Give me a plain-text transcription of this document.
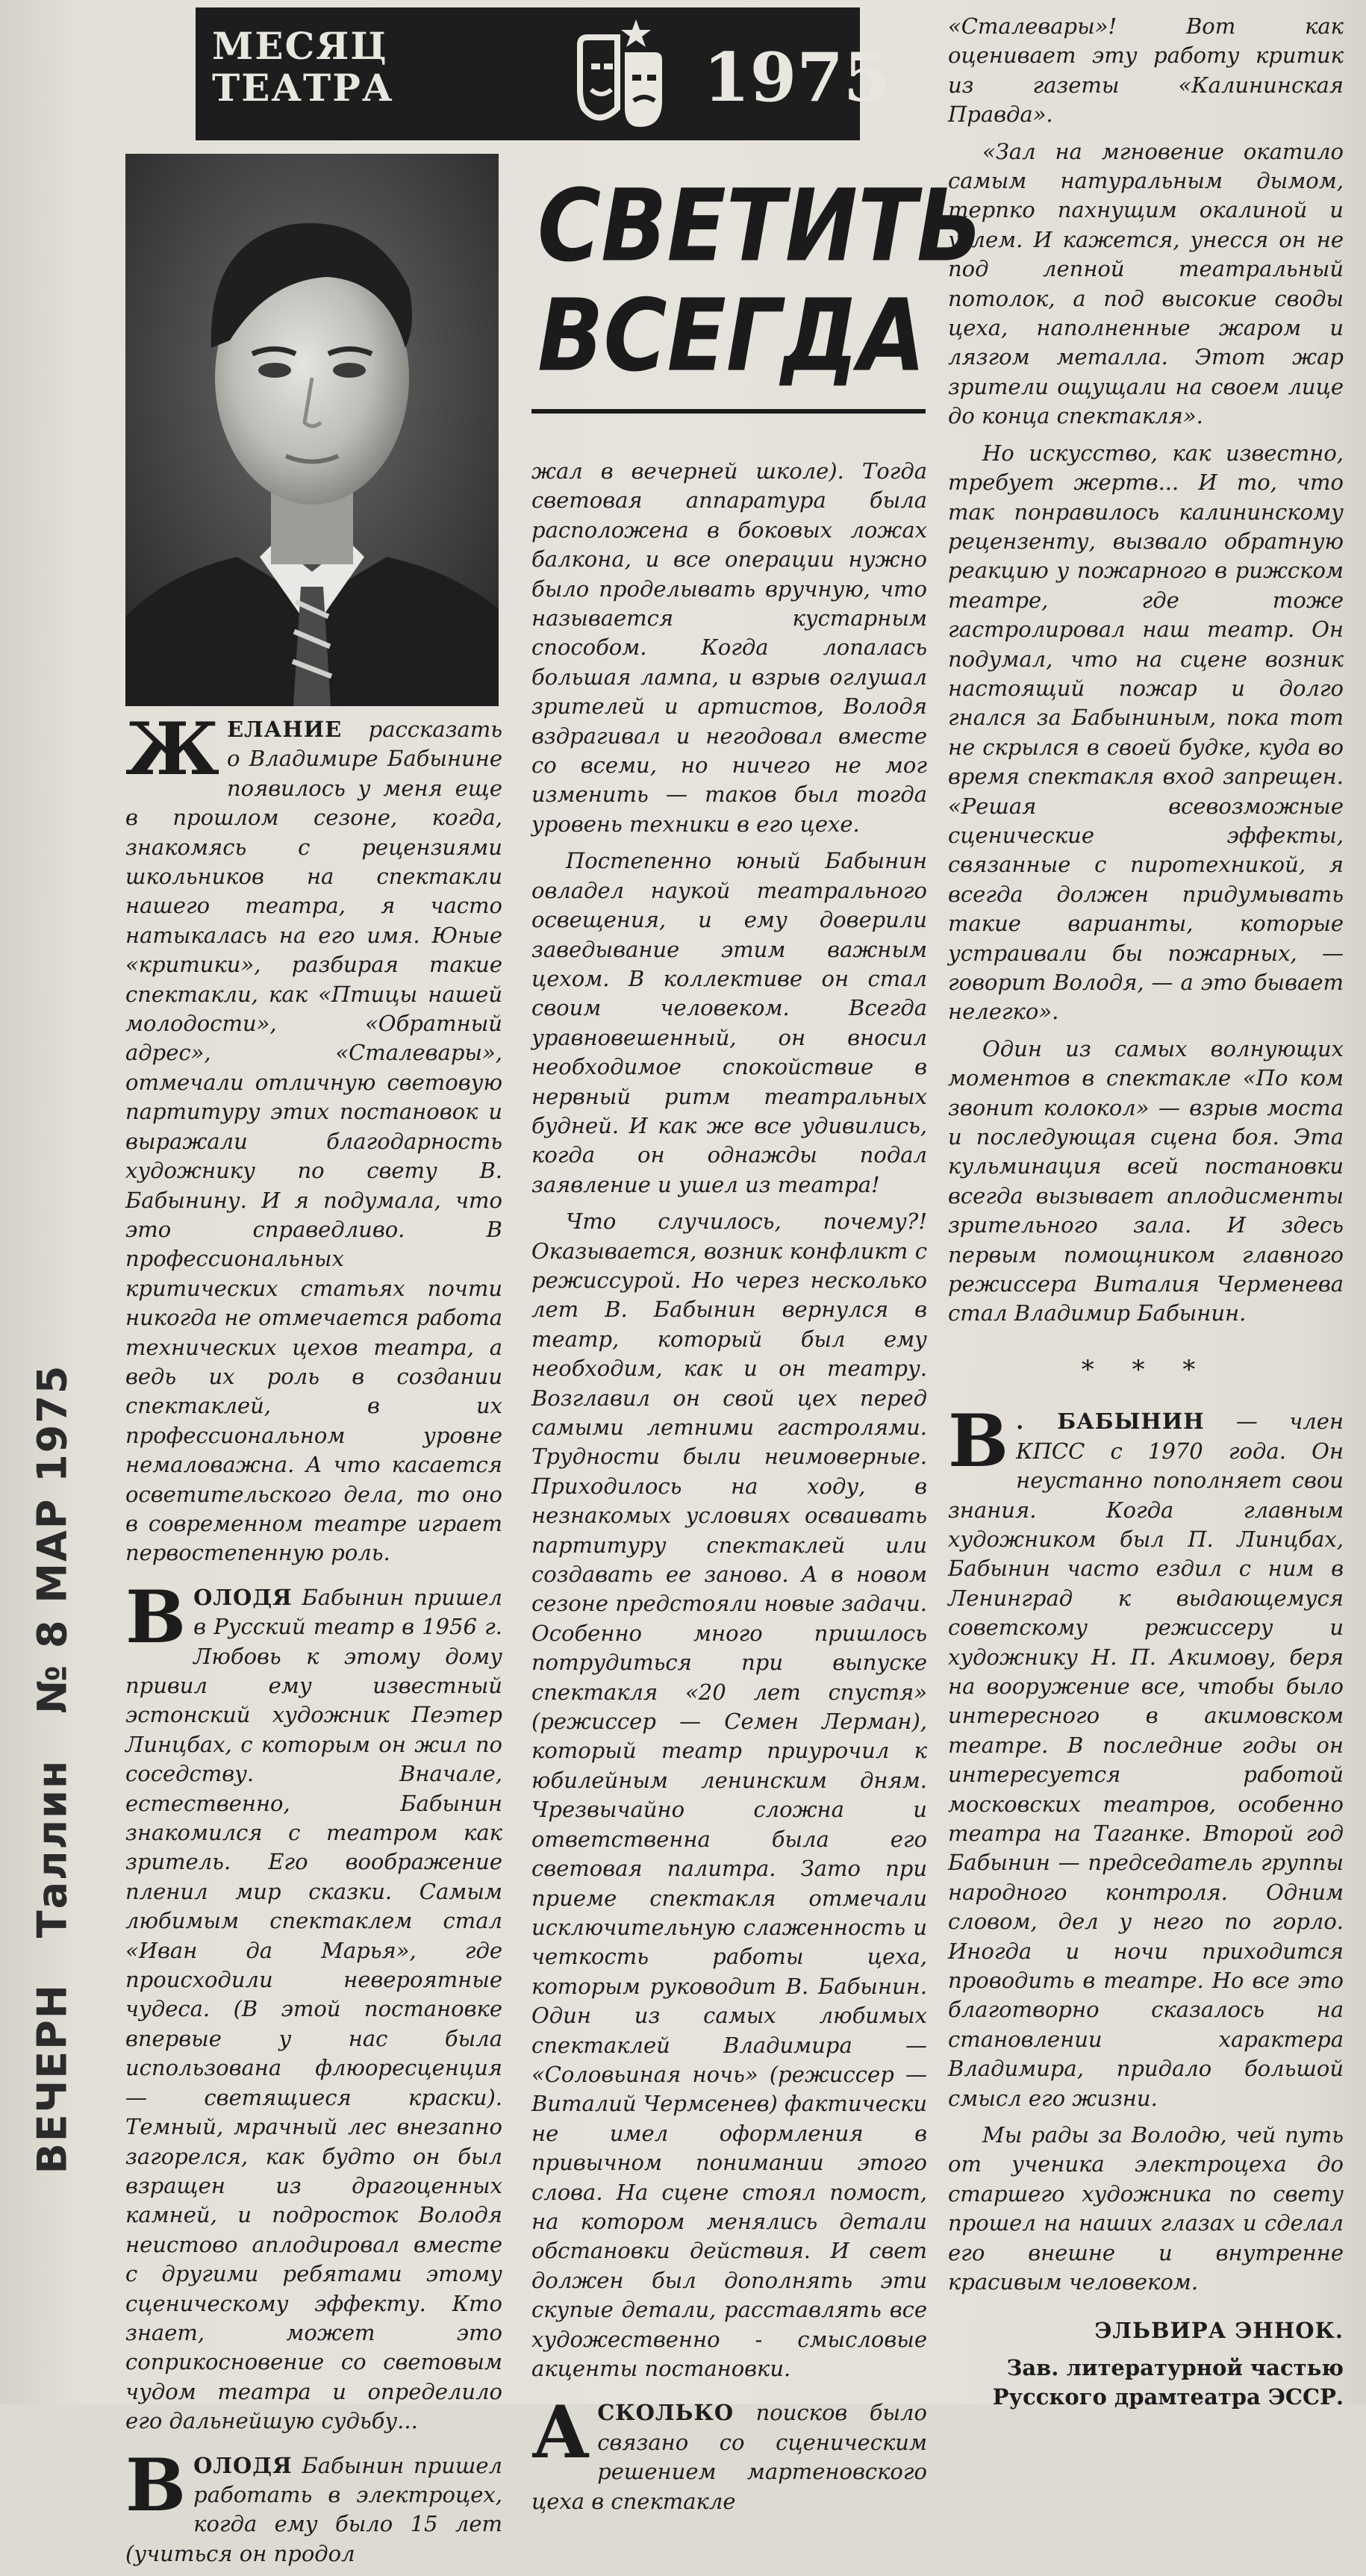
МЕСЯЦ ТЕАТРА	1975
СВЕТИТЬ
ВСЕГДА
ВЕЧЕРН Таллин № 8 МАР 1975

ЖЕЛАНИЕ рассказать о Владимире Бабынине появилось у меня еще в прошлом сезоне, когда, знакомясь с рецензиями школьников на спектакли нашего театра, я часто натыкалась на его имя. Юные «критики», разбирая такие спектакли, как «Птицы нашей молодости», «Обратный адрес», «Сталевары», отмечали отличную световую партитуру этих постановок и выражали благодарность художнику по свету В. Бабынину. И я подумала, что это справедливо. В профессиональных критических статьях почти никогда не отмечается работа технических цехов театра, а ведь их роль в создании спектаклей, в их профессиональном уровне немаловажна. А что касается осветительского дела, то оно в современном театре играет первостепенную роль.

ВОЛОДЯ Бабынин пришел в Русский театр в 1956 г. Любовь к этому дому привил ему известный эстонский художник Пеэтер Линцбах, с которым он жил по соседству. Вначале, естественно, Бабынин знакомился с театром как зритель. Его воображение пленил мир сказки. Самым любимым спектаклем стал «Иван да Марья», где происходили невероятные чудеса. (В этой постановке впервые у нас была использована флюоресценция — светящиеся краски). Темный, мрачный лес внезапно загорелся, как будто он был взращен из драгоценных камней, и подросток Володя неистово аплодировал вместе с другими ребятами этому сценическому эффекту. Кто знает, может это соприкосновение со световым чудом театра и определило его дальнейшую судьбу...

ВОЛОДЯ Бабынин пришел работать в электроцех, когда ему было 15 лет (учиться он продол

жал в вечерней школе). Тогда световая аппаратура была расположена в боковых ложах балкона, и все операции нужно было проделывать вручную, что называется кустарным способом. Когда лопалась большая лампа, и взрыв оглушал зрителей и артистов, Володя вздрагивал и негодовал вместе со всеми, но ничего не мог изменить — таков был тогда уровень техники в его цехе.

Постепенно юный Бабынин овладел наукой театрального освещения, и ему доверили заведывание этим важным цехом. В коллективе он стал своим человеком. Всегда уравновешенный, он вносил необходимое спокойствие в нервный ритм театральных будней. И как же все удивились, когда он однажды подал заявление и ушел из театра!

Что случилось, почему?! Оказывается, возник конфликт с режиссурой. Но через несколько лет В. Бабынин вернулся в театр, который был ему необходим, как и он театру. Возглавил он свой цех перед самыми летними гастролями. Трудности были неимоверные. Приходилось на ходу, в незнакомых условиях осваивать партитуру спектаклей или создавать ее заново. А в новом сезоне предстояли новые задачи. Особенно много пришлось потрудиться при выпуске спектакля «20 лет спустя» (режиссер — Семен Лерман), который театр приурочил к юбилейным ленинским дням. Чрезвычайно сложна и ответственна была его световая палитра. Зато при приеме спектакля отмечали исключительную слаженность и четкость работы цеха, которым руководит В. Бабынин. Один из самых любимых спектаклей Владимира — «Соловьиная ночь» (режиссер — Виталий Чермсенев) фактически не имел оформления в привычном понимании этого слова. На сцене стоял помост, на котором менялись детали обстановки действия. И свет должен был дополнять эти скупые детали, расставлять все художественно - смысловые акценты постановки.

АСКОЛЬКО поисков было связано со сценическим решением мартеновского цеха в спектакле

«Сталевары»! Вот как оценивает эту работу критик из газеты «Калининская Правда».

«Зал на мгновение окатило самым натуральным дымом, терпко пахнущим окалиной и углем. И кажется, унесся он не под лепной театральный потолок, а под высокие своды цеха, наполненные жаром и лязгом металла. Этот жар зрители ощущали на своем лице до конца спектакля».

Но искусство, как известно, требует жертв... И то, что так понравилось калининскому рецензенту, вызвало обратную реакцию у пожарного в рижском театре, где тоже гастролировал наш театр. Он подумал, что на сцене возник настоящий пожар и долго гнался за Бабыниным, пока тот не скрылся в своей будке, куда во время спектакля вход запрещен. «Решая всевозможные сценические эффекты, связанные с пиротехникой, я всегда должен придумывать такие варианты, которые устраивали бы пожарных, — говорит Володя, — а это бывает нелегко».

Один из самых волнующих моментов в спектакле «По ком звонит колокол» — взрыв моста и последующая сцена боя. Эта кульминация всей постановки всегда вызывает аплодисменты зрительного зала. И здесь первым помощником главного режиссера Виталия Черменева стал Владимир Бабынин.

* * *

В . БАБЫНИН — член КПСС с 1970 года. Он неустанно пополняет свои знания. Когда главным художником был П. Линцбах, Бабынин часто ездил с ним в Ленинград к выдающемуся советскому режиссеру и художнику Н. П. Акимову, беря на вооружение все, чтобы было интересного в акимовском театре. В последние годы он интересуется работой московских театров, особенно театра на Таганке. Второй год Бабынин — председатель группы народного контроля. Одним словом, дел у него по горло. Иногда и ночи приходится проводить в театре. Но все это благотворно сказалось на становлении характера Владимира, придало большой смысл его жизни.

Мы рады за Володю, чей путь от ученика электроцеха до старшего художника по свету прошел на наших глазах и сделал его внешне и внутренне красивым человеком.

ЭЛЬВИРА ЭННОК.

Зав. литературной частью Русского драмтеатра ЭССР.
